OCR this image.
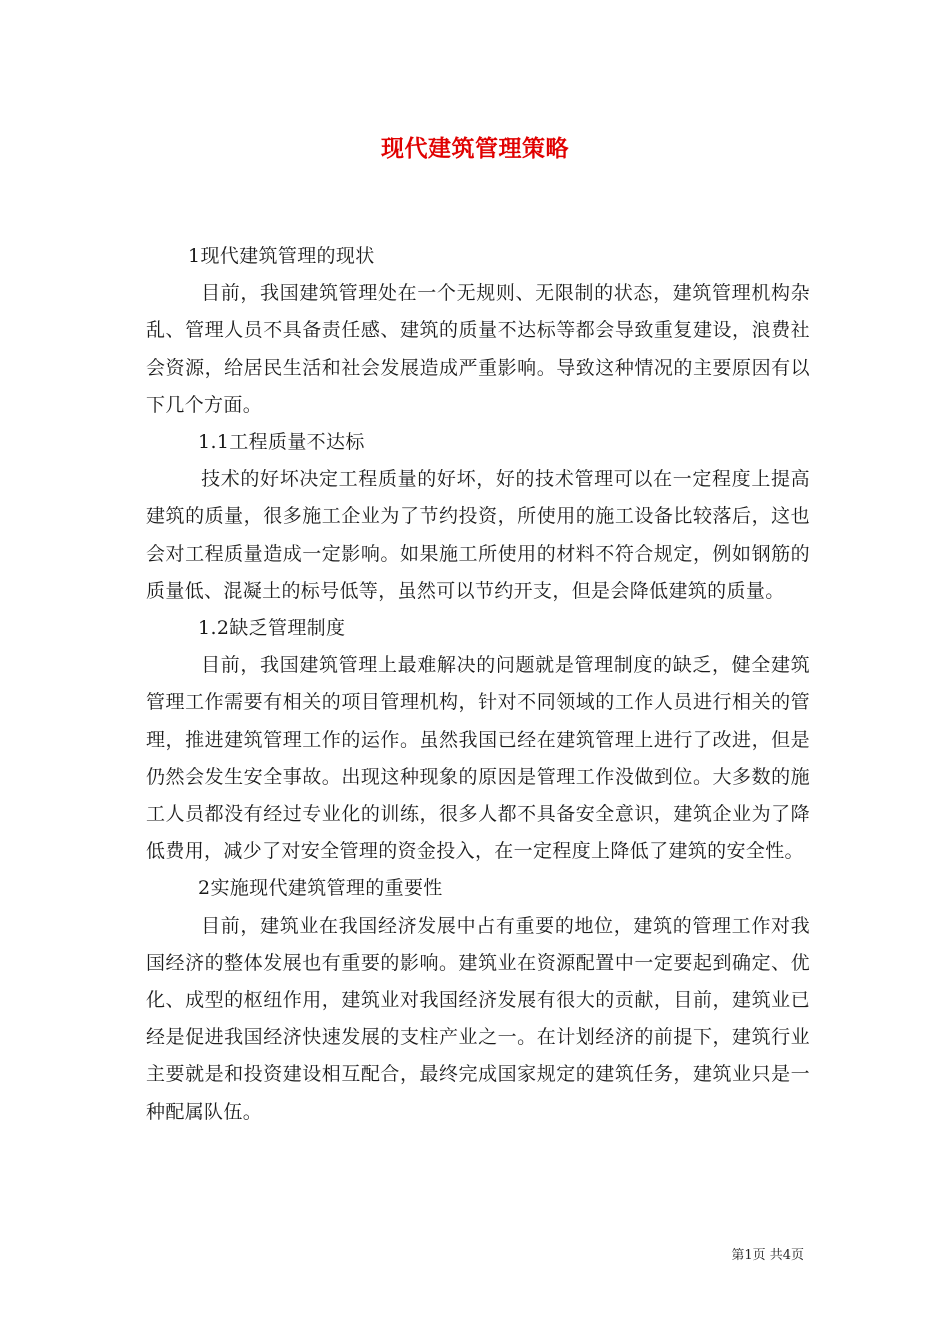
现代建筑管理策略

1现代建筑管理的现状

目前，我国建筑管理处在一个无规则、无限制的状态，建筑管理机构杂乱、管理人员不具备责任感、建筑的质量不达标等都会导致重复建设，浪费社会资源，给居民生活和社会发展造成严重影响。导致这种情况的主要原因有以下几个方面。

1.1工程质量不达标

技术的好坏决定工程质量的好坏，好的技术管理可以在一定程度上提高建筑的质量，很多施工企业为了节约投资，所使用的施工设备比较落后，这也会对工程质量造成一定影响。如果施工所使用的材料不符合规定，例如钢筋的质量低、混凝土的标号低等，虽然可以节约开支，但是会降低建筑的质量。

1.2缺乏管理制度

目前，我国建筑管理上最难解决的问题就是管理制度的缺乏，健全建筑管理工作需要有相关的项目管理机构，针对不同领域的工作人员进行相关的管理，推进建筑管理工作的运作。虽然我国已经在建筑管理上进行了改进，但是仍然会发生安全事故。出现这种现象的原因是管理工作没做到位。大多数的施工人员都没有经过专业化的训练，很多人都不具备安全意识，建筑企业为了降低费用，减少了对安全管理的资金投入，在一定程度上降低了建筑的安全性。

2实施现代建筑管理的重要性

目前，建筑业在我国经济发展中占有重要的地位，建筑的管理工作对我国经济的整体发展也有重要的影响。建筑业在资源配置中一定要起到确定、优化、成型的枢纽作用，建筑业对我国经济发展有很大的贡献，目前，建筑业已经是促进我国经济快速发展的支柱产业之一。在计划经济的前提下，建筑行业主要就是和投资建设相互配合，最终完成国家规定的建筑任务，建筑业只是一种配属队伍。

第1页 共4页
